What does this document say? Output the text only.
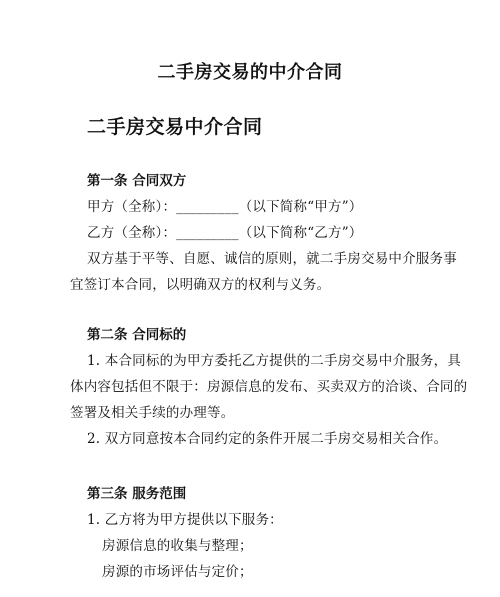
二手房交易的中介合同
二手房交易中介合同
第一条 合同双方
甲方（全称）：_________（以下简称“甲方”）
乙方（全称）：_________（以下简称“乙方”）
双方基于平等、自愿、诚信的原则，就二手房交易中介服务事
宜签订本合同，以明确双方的权利与义务。
第二条 合同标的
1. 本合同标的为甲方委托乙方提供的二手房交易中介服务，具
体内容包括但不限于：房源信息的发布、买卖双方的洽谈、合同的
签署及相关手续的办理等。
2. 双方同意按本合同约定的条件开展二手房交易相关合作。
第三条 服务范围
1. 乙方将为甲方提供以下服务：
房源信息的收集与整理；
房源的市场评估与定价；
